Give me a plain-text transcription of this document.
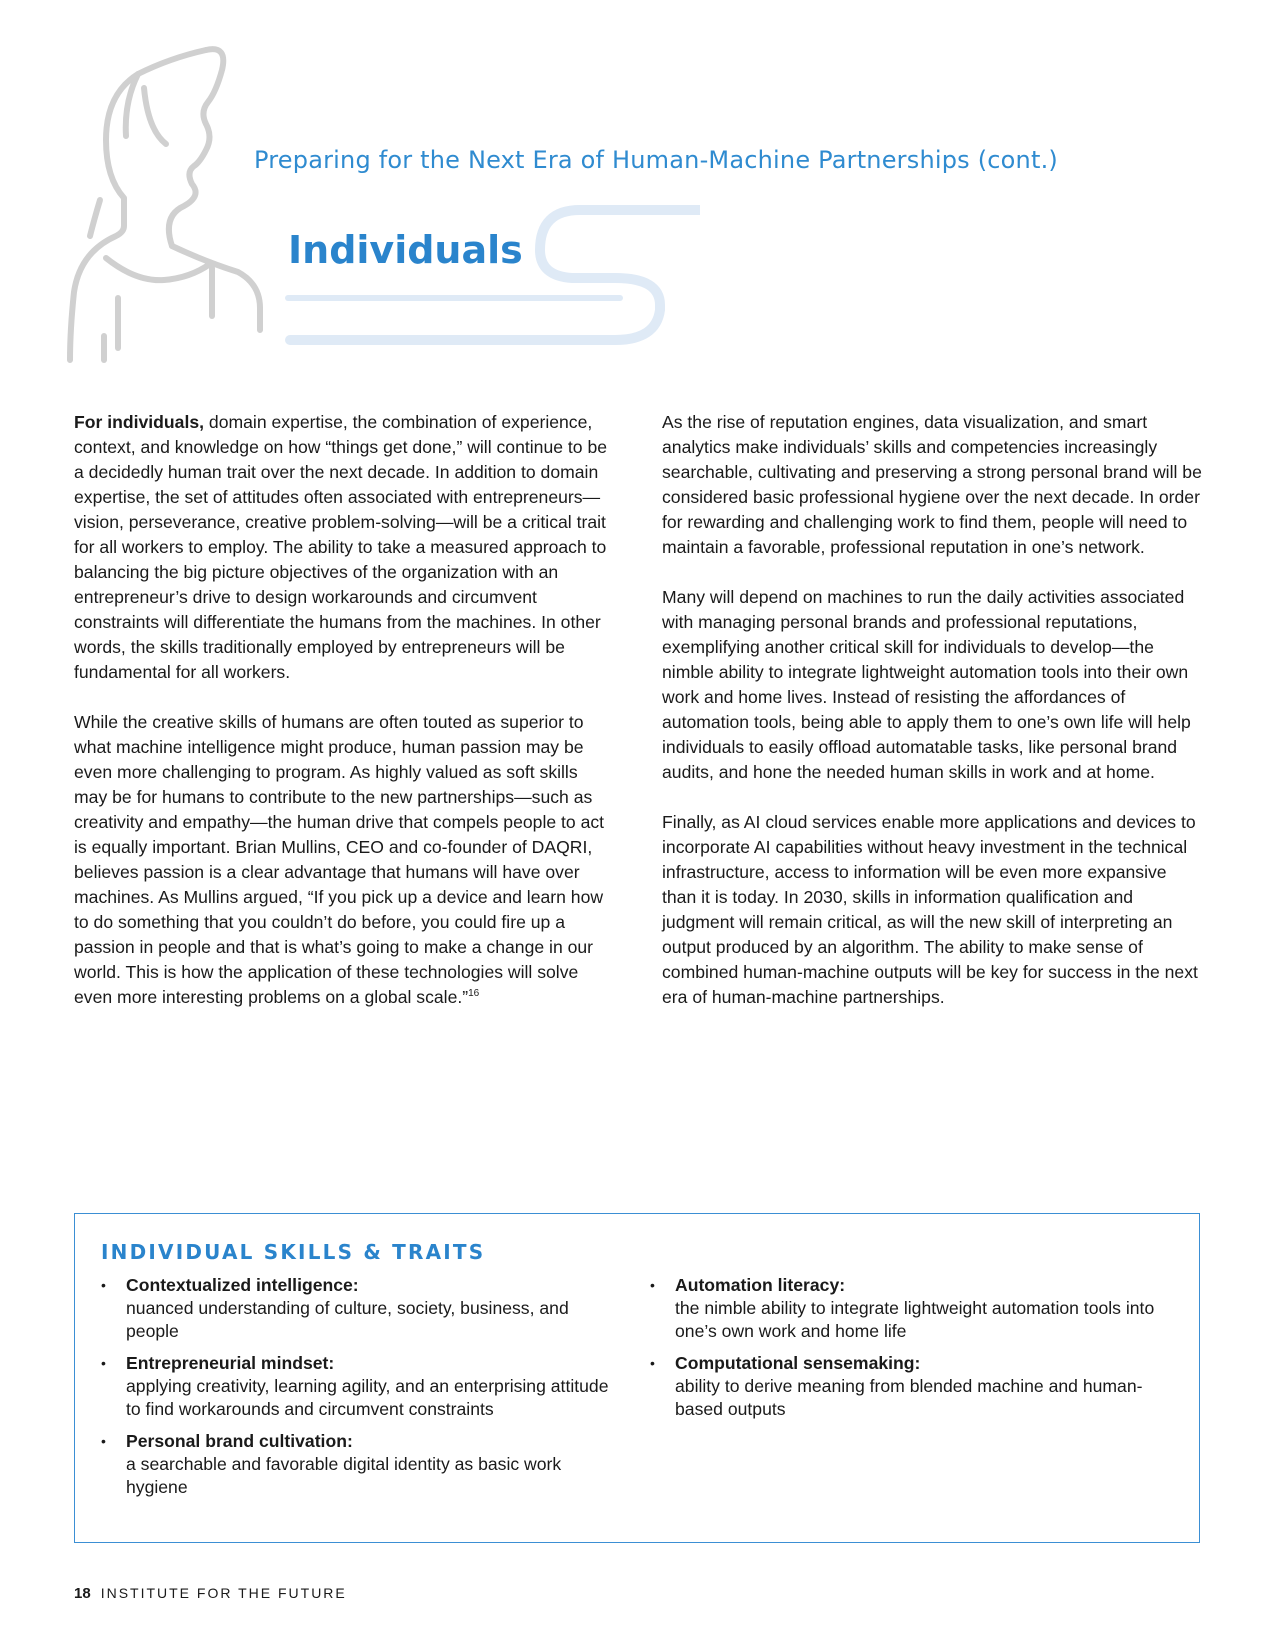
Preparing for the Next Era of Human-Machine Partnerships (cont.)
Individuals

For individuals, domain expertise, the combination of experience, context, and knowledge on how “things get done,” will continue to be a decidedly human trait over the next decade. In addition to domain expertise, the set of attitudes often associated with entrepreneurs—vision, perseverance, creative problem-solving—will be a critical trait for all workers to employ. The ability to take a measured approach to balancing the big picture objectives of the organization with an entrepreneur’s drive to design workarounds and circumvent constraints will differentiate the humans from the machines. In other words, the skills traditionally employed by entrepreneurs will be fundamental for all workers.

While the creative skills of humans are often touted as superior to what machine intelligence might produce, human passion may be even more challenging to program. As highly valued as soft skills may be for humans to contribute to the new partnerships—such as creativity and empathy—the human drive that compels people to act is equally important. Brian Mullins, CEO and co-founder of DAQRI, believes passion is a clear advantage that humans will have over machines. As Mullins argued, “If you pick up a device and learn how to do something that you couldn’t do before, you could fire up a passion in people and that is what’s going to make a change in our world. This is how the application of these technologies will solve even more interesting problems on a global scale.”$^{16}$

As the rise of reputation engines, data visualization, and smart analytics make individuals’ skills and competencies increasingly searchable, cultivating and preserving a strong personal brand will be considered basic professional hygiene over the next decade. In order for rewarding and challenging work to find them, people will need to maintain a favorable, professional reputation in one’s network.

Many will depend on machines to run the daily activities associated with managing personal brands and professional reputations, exemplifying another critical skill for individuals to develop—the nimble ability to integrate lightweight automation tools into their own work and home lives. Instead of resisting the affordances of automation tools, being able to apply them to one’s own life will help individuals to easily offload automatable tasks, like personal brand audits, and hone the needed human skills in work and at home.

Finally, as AI cloud services enable more applications and devices to incorporate AI capabilities without heavy investment in the technical infrastructure, access to information will be even more expansive than it is today. In 2030, skills in information qualification and judgment will remain critical, as will the new skill of interpreting an output produced by an algorithm. The ability to make sense of combined human-machine outputs will be key for success in the next era of human-machine partnerships.

INDIVIDUAL SKILLS & TRAITS
• Contextualized intelligence:
nuanced understanding of culture, society, business, and people
• Entrepreneurial mindset:
applying creativity, learning agility, and an enterprising attitude to find workarounds and circumvent constraints
• Personal brand cultivation:
a searchable and favorable digital identity as basic work hygiene
• Automation literacy:
the nimble ability to integrate lightweight automation tools into one’s own work and home life
• Computational sensemaking:
ability to derive meaning from blended machine and human-based outputs
18 INSTITUTE FOR THE FUTURE
